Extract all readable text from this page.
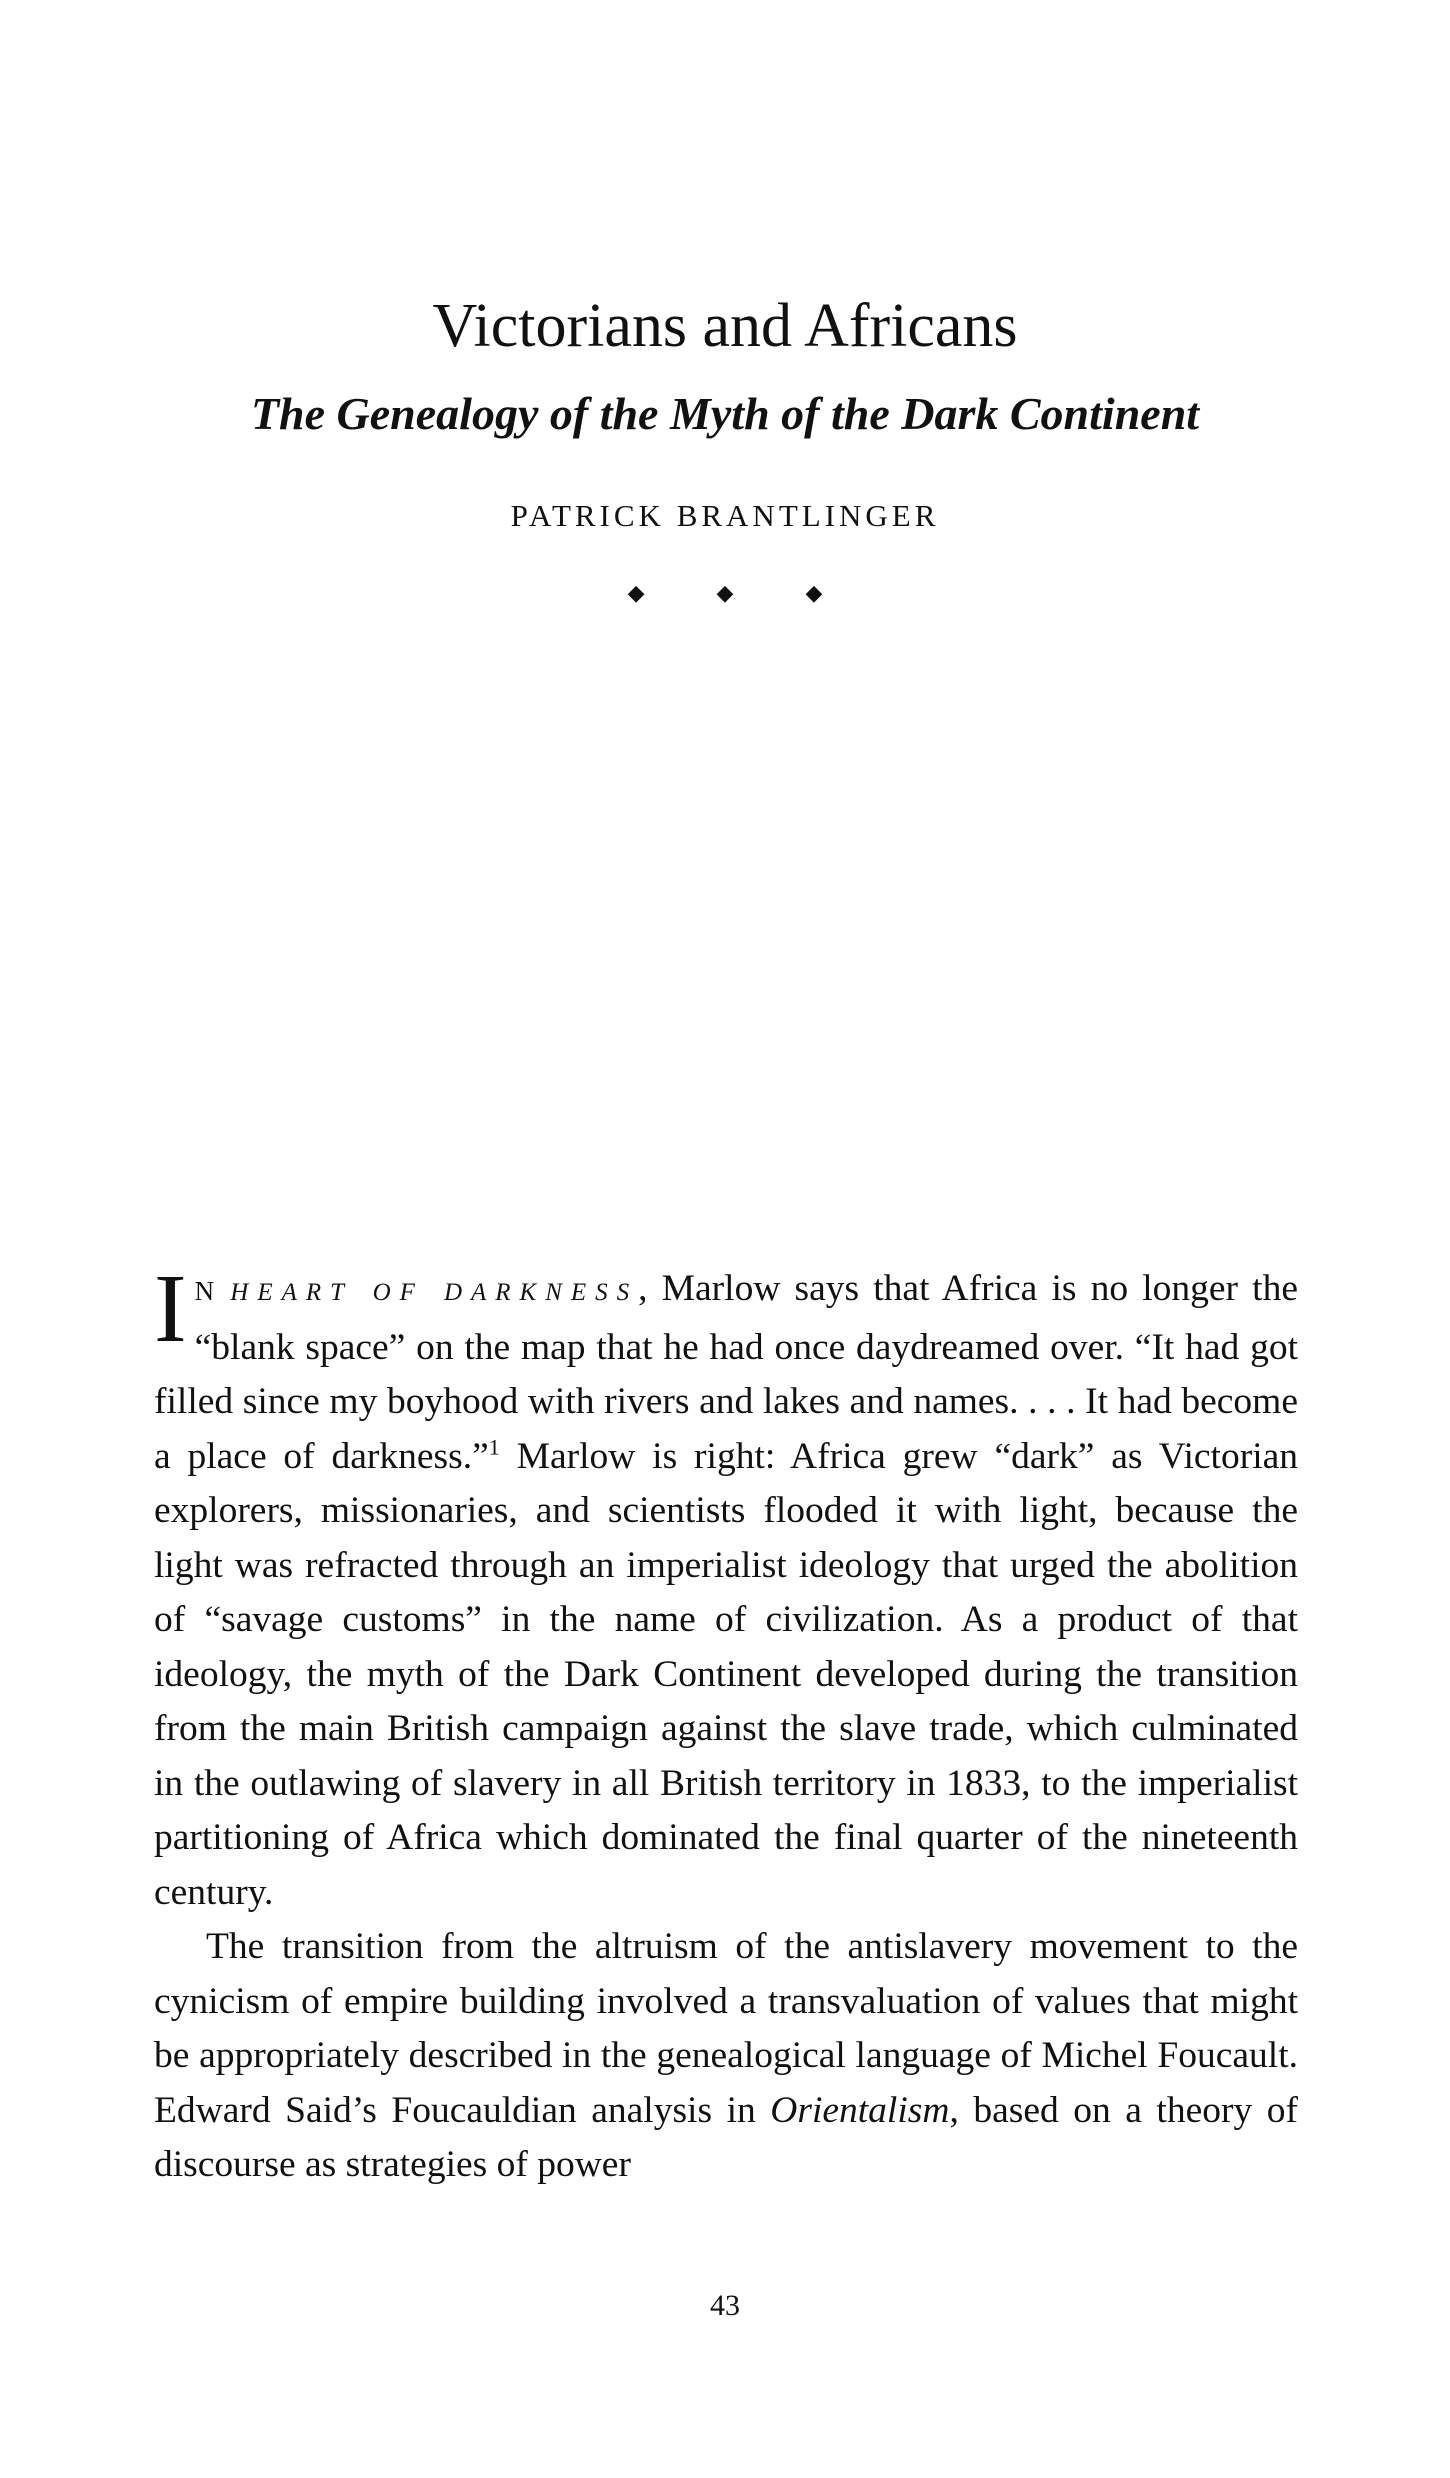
Victorians and Africans
The Genealogy of the Myth of the Dark Continent
PATRICK BRANTLINGER
◆	◆	◆

I N HEART OF DARKNESS, Marlow says that Africa is no longer the “blank space” on the map that he had once daydreamed over. “It had got filled since my boyhood with rivers and lakes and names. . . . It had become a place of darkness.”$^1$ Marlow is right: Africa grew “dark” as Victorian explorers, missionaries, and scientists flooded it with light, because the light was refracted through an imperialist ideology that urged the abolition of “savage customs” in the name of civilization. As a product of that ideology, the myth of the Dark Continent developed during the transition from the main British campaign against the slave trade, which culminated in the outlawing of slavery in all British territory in 1833, to the imperialist partitioning of Africa which dominated the final quarter of the nineteenth century.

The transition from the altruism of the antislavery movement to the cynicism of empire building involved a transvaluation of values that might be appropriately described in the genealogical language of Michel Foucault. Edward Said’s Foucauldian analysis in Orientalism, based on a theory of discourse as strategies of power

43
